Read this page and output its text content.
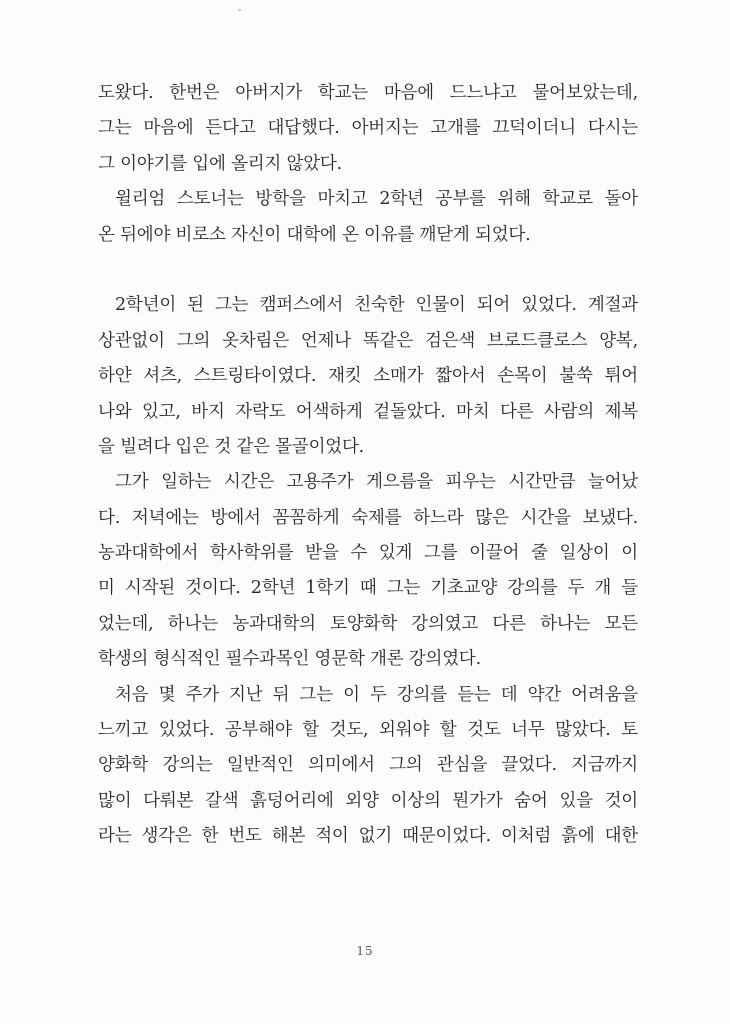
도왔다. 한번은 아버지가 학교는 마음에 드느냐고 물어보았는데,
그는 마음에 든다고 대답했다. 아버지는 고개를 끄덕이더니 다시는
그 이야기를 입에 올리지 않았다.
윌리엄 스토너는 방학을 마치고 2학년 공부를 위해 학교로 돌아
온 뒤에야 비로소 자신이 대학에 온 이유를 깨닫게 되었다.
2학년이 된 그는 캠퍼스에서 친숙한 인물이 되어 있었다. 계절과
상관없이 그의 옷차림은 언제나 똑같은 검은색 브로드클로스 양복,
하얀 셔츠, 스트링타이였다. 재킷 소매가 짧아서 손목이 불쑥 튀어
나와 있고, 바지 자락도 어색하게 겉돌았다. 마치 다른 사람의 제복
을 빌려다 입은 것 같은 몰골이었다.
그가 일하는 시간은 고용주가 게으름을 피우는 시간만큼 늘어났
다. 저녁에는 방에서 꼼꼼하게 숙제를 하느라 많은 시간을 보냈다.
농과대학에서 학사학위를 받을 수 있게 그를 이끌어 줄 일상이 이
미 시작된 것이다. 2학년 1학기 때 그는 기초교양 강의를 두 개 들
었는데, 하나는 농과대학의 토양화학 강의였고 다른 하나는 모든
학생의 형식적인 필수과목인 영문학 개론 강의였다.
처음 몇 주가 지난 뒤 그는 이 두 강의를 듣는 데 약간 어려움을
느끼고 있었다. 공부해야 할 것도, 외워야 할 것도 너무 많았다. 토
양화학 강의는 일반적인 의미에서 그의 관심을 끌었다. 지금까지
많이 다뤄본 갈색 흙덩어리에 외양 이상의 뭔가가 숨어 있을 것이
라는 생각은 한 번도 해본 적이 없기 때문이었다. 이처럼 흙에 대한
15
